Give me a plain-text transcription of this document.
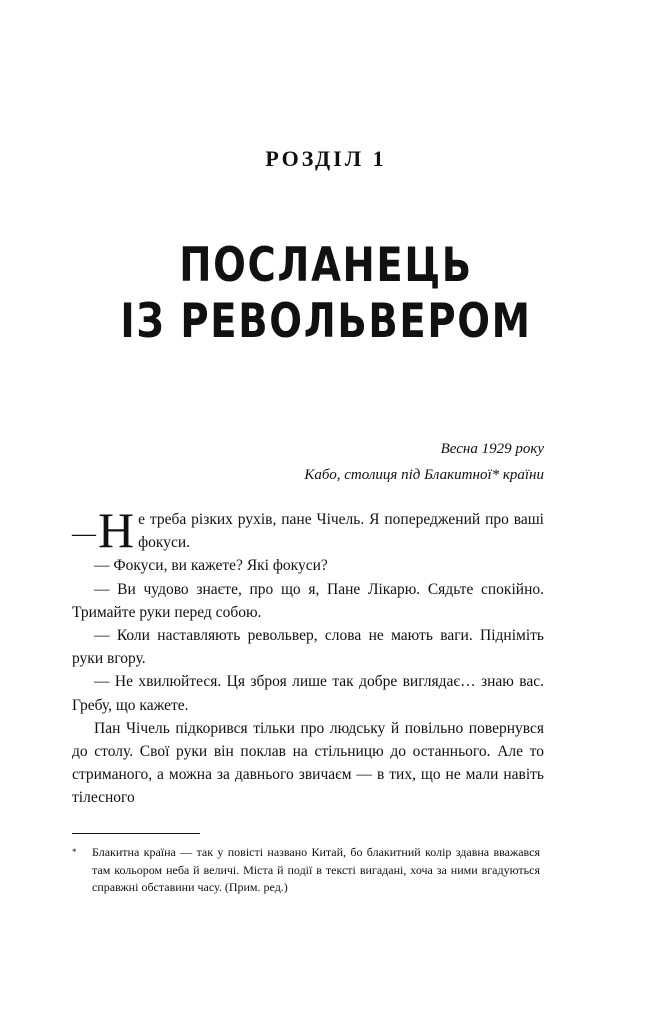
РОЗДІЛ 1
ПОСЛАНЕЦЬ
ІЗ РЕВОЛЬВЕРОМ
Весна 1929 року
Кабо, столиця під Блакитної* країни

—Н е треба різких рухів, пане Чічель. Я попереджений про ваші фокуси.

— Фокуси, ви кажете? Які фокуси?

— Ви чудово знаєте, про що я, Пане Лікарю. Сядьте спокійно. Тримайте руки перед собою.

— Коли наставляють револьвер, слова не мають ваги. Підніміть руки вгору.

— Не хвилюйтеся. Ця зброя лише так добре виглядає… знаю вас. Гребу, що кажете.

Пан Чічель підкорився тільки про людську й повільно повернувся до столу. Свої руки він поклав на стільницю до останнього. Але то стриманого, а можна за давнього звичаєм — в тих, що не мали навіть тілесного

* Блакитна країна — так у повісті названо Китай, бо блакитний колір здавна вважався там кольором неба й величі. Міста й події в тексті вигадані, хоча за ними вгадуються справжні обставини часу. (Прим. ред.)
